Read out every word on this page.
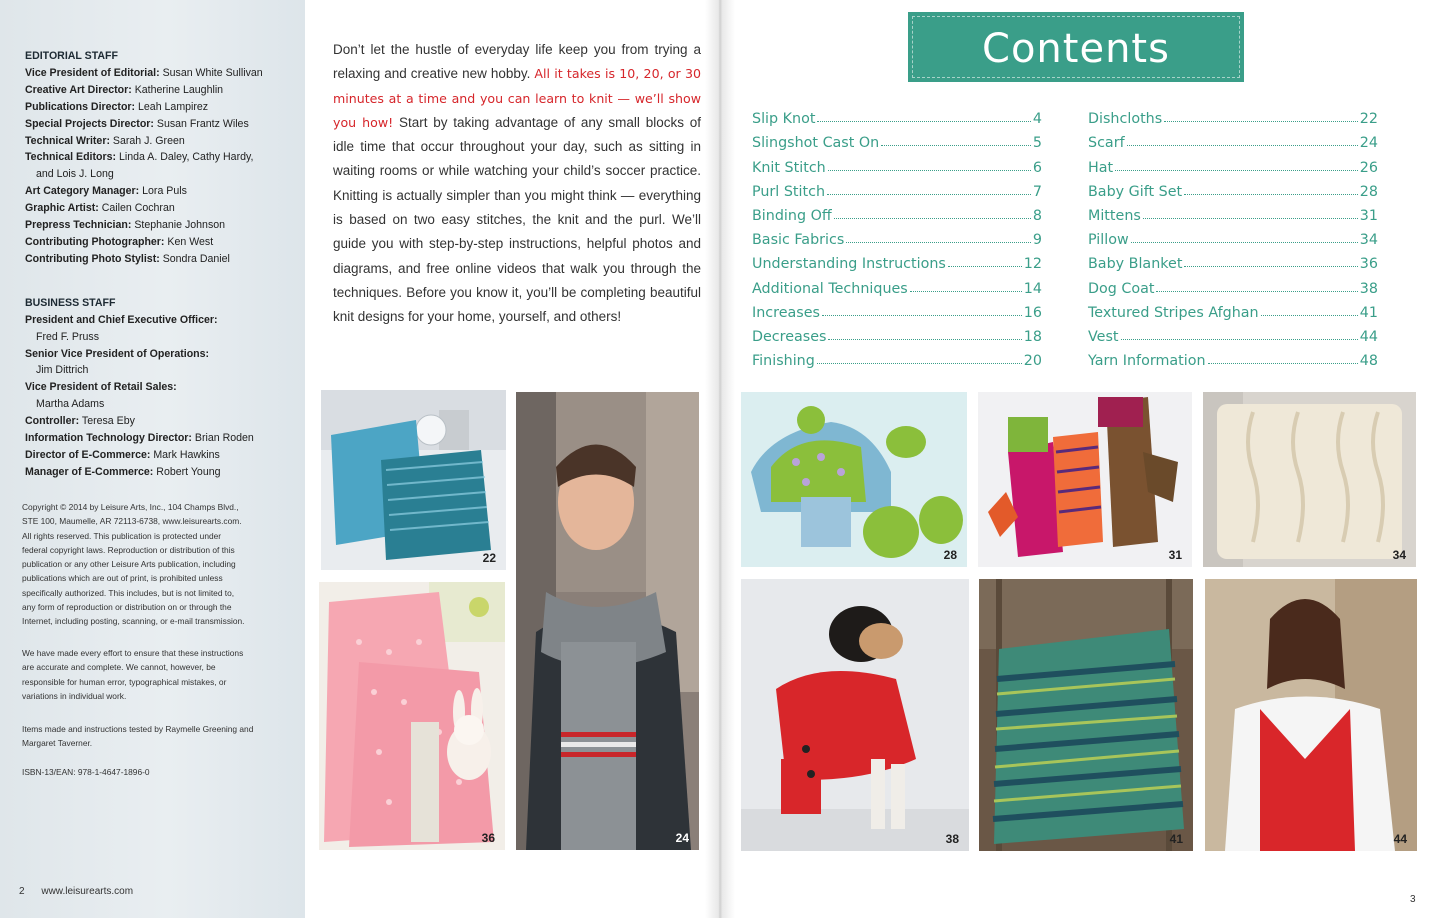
EDITORIAL STAFF
Vice President of Editorial: Susan White Sullivan
Creative Art Director: Katherine Laughlin
Publications Director: Leah Lampirez
Special Projects Director: Susan Frantz Wiles
Technical Writer: Sarah J. Green
Technical Editors: Linda A. Daley, Cathy Hardy,
and Lois J. Long
Art Category Manager: Lora Puls
Graphic Artist: Cailen Cochran
Prepress Technician: Stephanie Johnson
Contributing Photographer: Ken West
Contributing Photo Stylist: Sondra Daniel
BUSINESS STAFF
President and Chief Executive Officer:
Fred F. Pruss
Senior Vice President of Operations:
Jim Dittrich
Vice President of Retail Sales:
Martha Adams
Controller: Teresa Eby
Information Technology Director: Brian Roden
Director of E-Commerce: Mark Hawkins
Manager of E-Commerce: Robert Young
Copyright © 2014 by Leisure Arts, Inc., 104 Champs Blvd.,
STE 100, Maumelle, AR 72113-6738, www.leisurearts.com.
All rights reserved. This publication is protected under
federal copyright laws. Reproduction or distribution of this
publication or any other Leisure Arts publication, including
publications which are out of print, is prohibited unless
specifically authorized. This includes, but is not limited to,
any form of reproduction or distribution on or through the
Internet, including posting, scanning, or e-mail transmission.
We have made every effort to ensure that these instructions
are accurate and complete. We cannot, however, be
responsible for human error, typographical mistakes, or
variations in individual work.
Items made and instructions tested by Raymelle Greening and
Margaret Taverner.
ISBN-13/EAN: 978-1-4647-1896-0
2 www.leisurearts.com
Don’t let the hustle of everyday life keep you from trying a relaxing and creative new hobby. All it takes is 10, 20, or 30 minutes at a time and you can learn to knit — we’ll show you how! Start by taking advantage of any small blocks of idle time that occur throughout your day, such as sitting in waiting rooms or while watching your child’s soccer practice. Knitting is actually simpler than you might think — everything is based on two easy stitches, the knit and the purl. We’ll guide you with step-by-step instructions, helpful photos and diagrams, and free online videos that walk you through the techniques. Before you know it, you’ll be completing beautiful knit designs for your home, yourself, and others!
22
36	24
Contents
Slip Knot	4
Slingshot Cast On	5
Knit Stitch	6
Purl Stitch	7
Binding Off	8
Basic Fabrics	9
Understanding Instructions	12
Additional Techniques	14
Increases	16
Decreases	18
Finishing	20
Dishcloths	22
Scarf	24
Hat	26
Baby Gift Set	28
Mittens	31
Pillow	34
Baby Blanket	36
Dog Coat	38
Textured Stripes Afghan	41
Vest	44
Yarn Information	48
28	31	34
38	41	44
3
